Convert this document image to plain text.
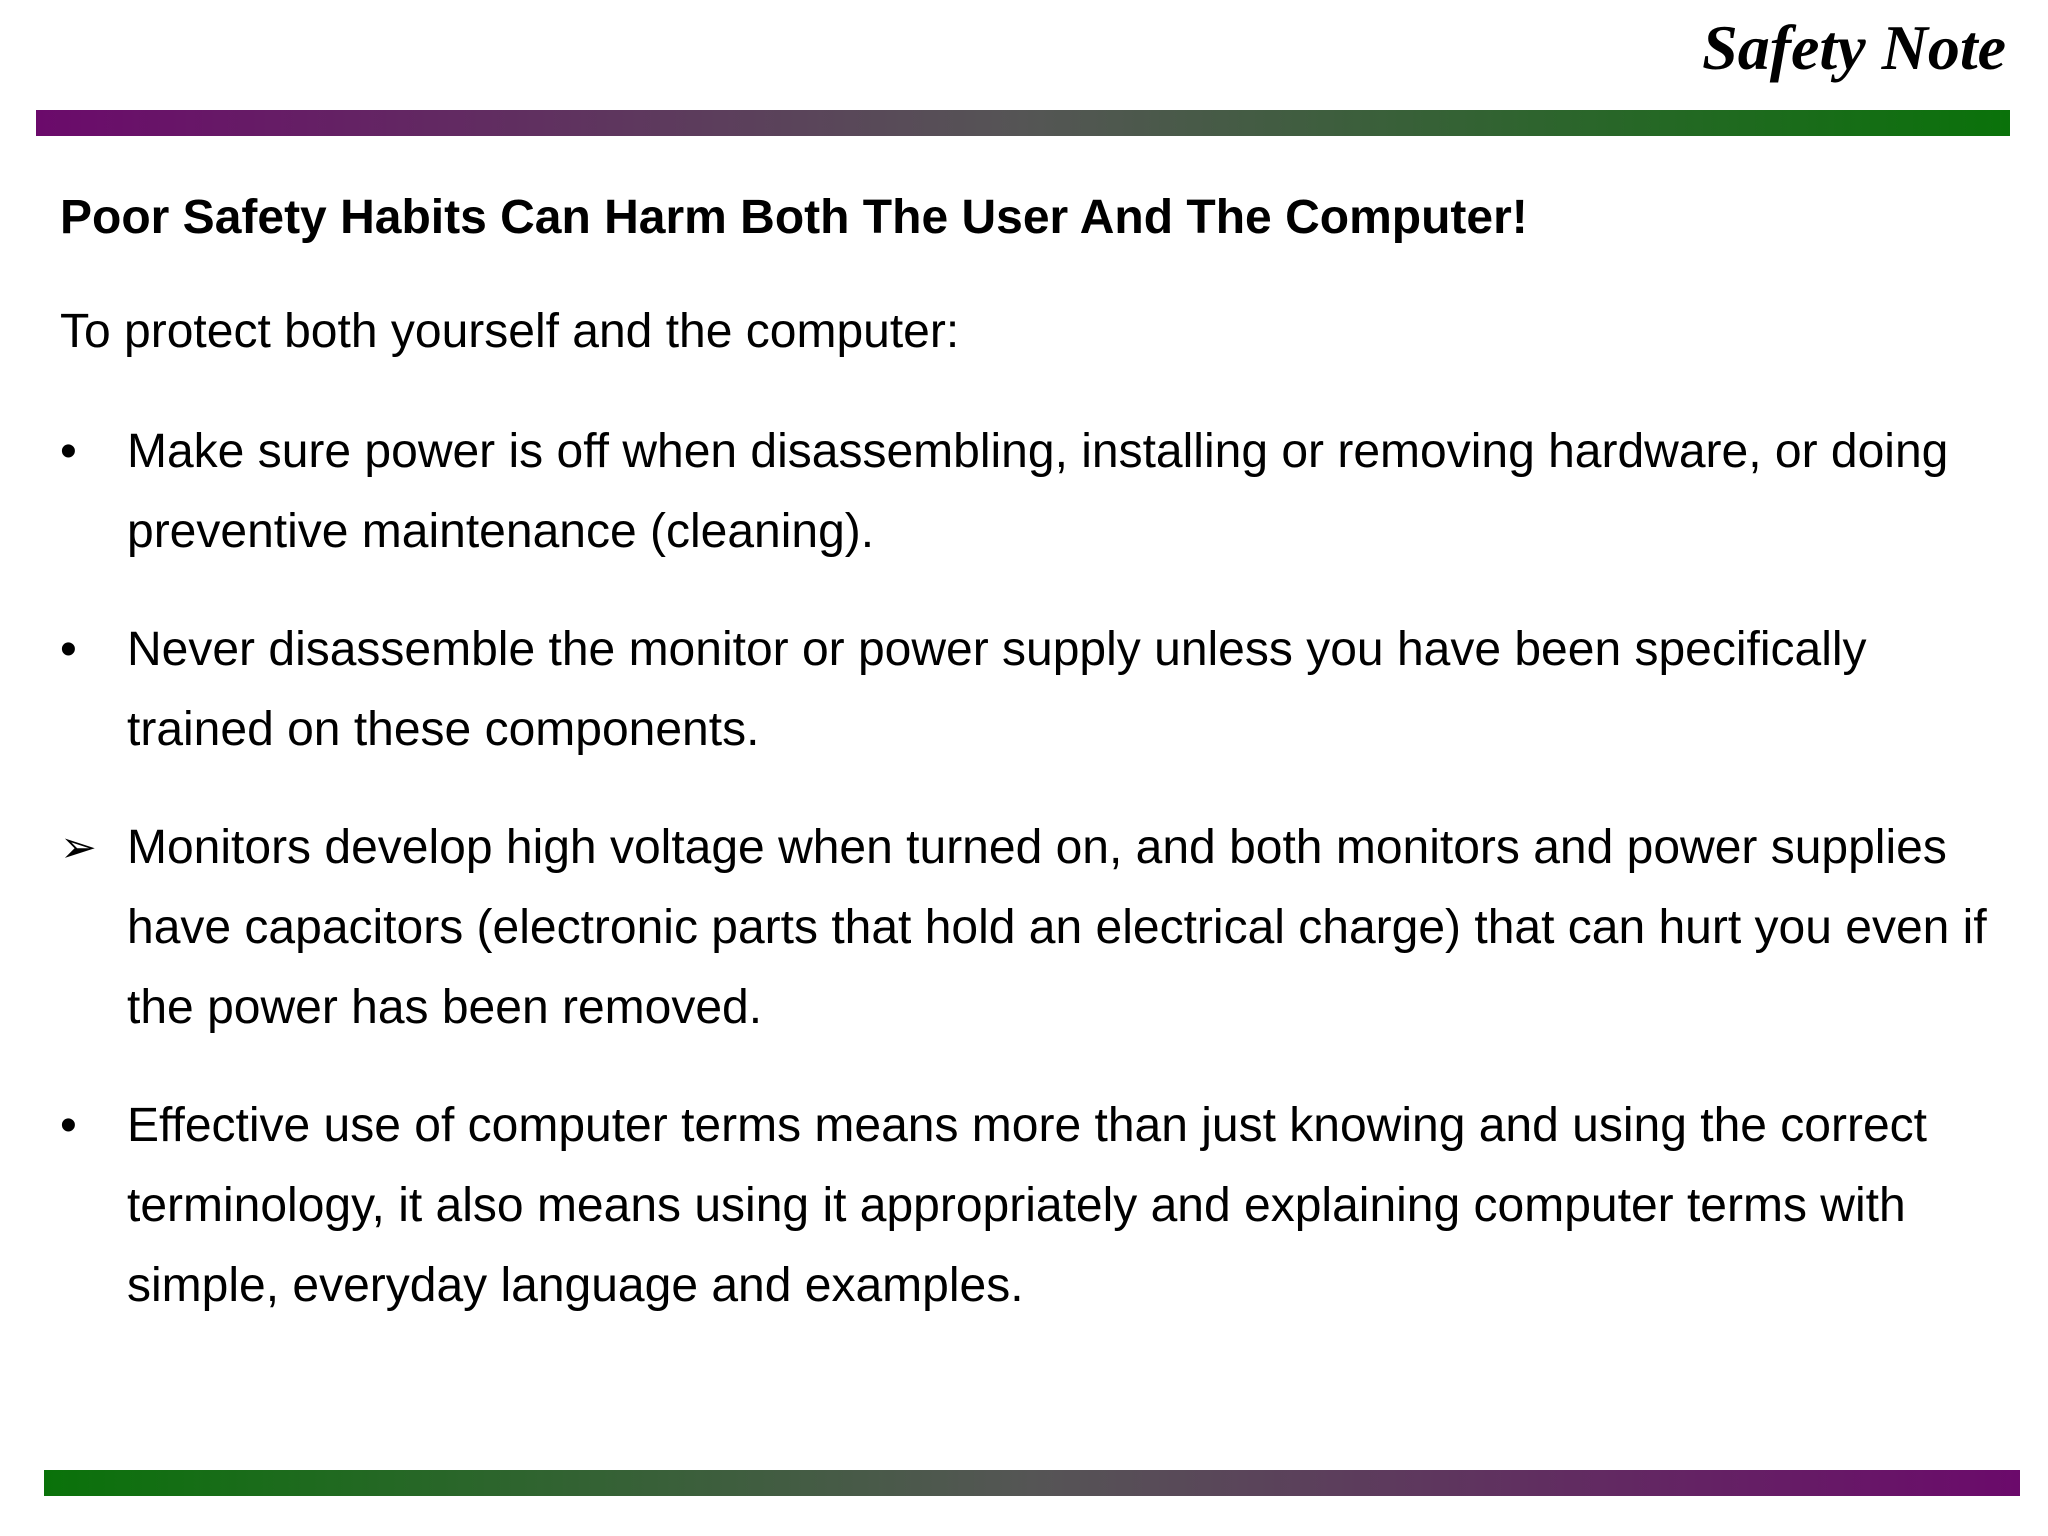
Safety Note

Poor Safety Habits Can Harm Both The User And The Computer!

To protect both yourself and the computer:

•	Make sure power is off when disassembling, installing or removing hardware, or doing preventive maintenance (cleaning).
•	Never disassemble the monitor or power supply unless you have been specifically trained on these components.
➢ Monitors develop high voltage when turned on, and both monitors and power supplies have capacitors (electronic parts that hold an electrical charge) that can hurt you even if the power has been removed.
•	Effective use of computer terms means more than just knowing and using the correct terminology, it also means using it appropriately and explaining computer terms with simple, everyday language and examples.
